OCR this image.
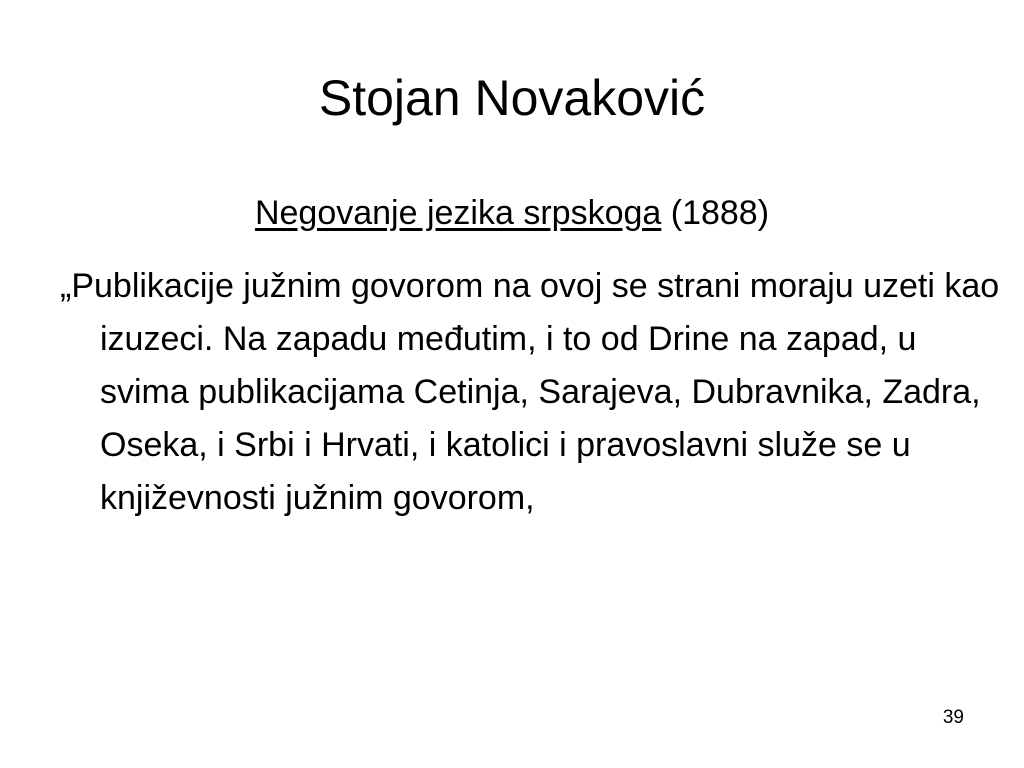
Stojan Novaković

Negovanje jezika srpskoga (1888)

„Publikacije južnim govorom na ovoj se strani moraju uzeti kao izuzeci. Na zapadu međutim, i to od Drine na zapad, u svima publikacijama Cetinja, Sarajeva, Dubravnika, Zadra, Oseka, i Srbi i Hrvati, i katolici i pravoslavni služe se u književnosti južnim govorom,

39
